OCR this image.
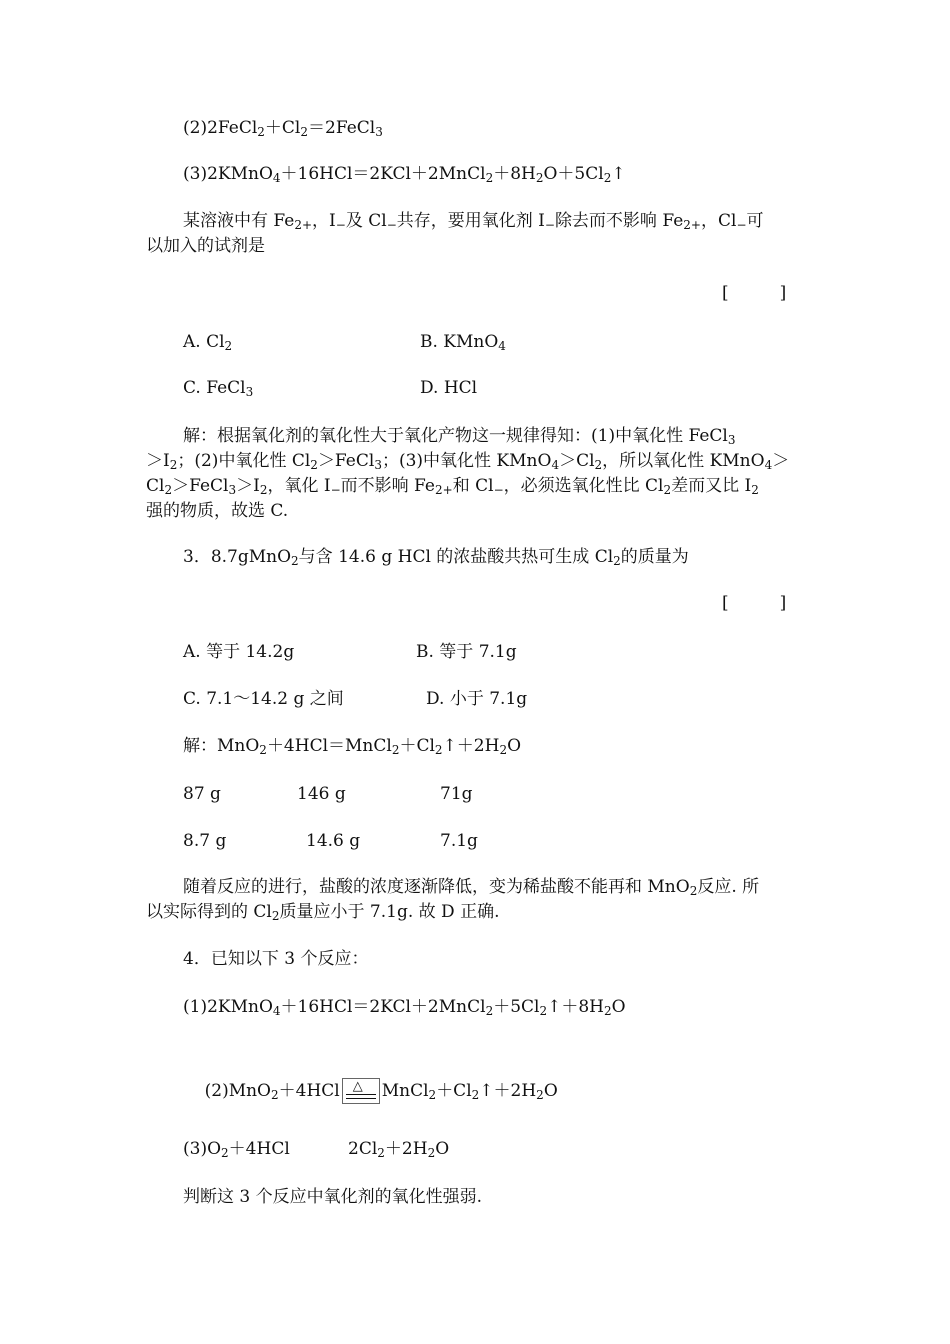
$(2)2FeCl_2+Cl_2=2FeCl_3$
$(3)2KMnO_4+16HCl=2KCl+2MnCl_2+8H_2O+5Cl_2↑$
某溶液中有 $Fe_{2+}$，$I_-$及 $Cl_-$共存，要用氧化剂 $I_-$除去而不影响 $Fe_{2+}$，$Cl_-$可
以加入的试剂是
[　　　]
A. $Cl_2$	B. KMnO$_4$
C. FeCl$_3$	D. HCl
解：根据氧化剂的氧化性大于氧化产物这一规律得知：(1)中氧化性 FeCl$_3$
$>I_2$；(2)中氧化性 $Cl_2>FeCl_3$；(3)中氧化性 $KMnO_4>Cl_2$，所以氧化性 KMnO$_4$＞
$Cl_2>FeCl_3>I_2$，氧化 $I_-$而不影响 $Fe_{2+}$和 $Cl_-$，必须选氧化性比 $Cl_2$差而又比 $I_2$
强的物质，故选 C.
3．8.7gMnO$_2$与含 14.6 g HCl 的浓盐酸共热可生成 $Cl_2$的质量为
[　　　]
A. 等于 14.2g	B. 等于 7.1g
C. 7.1～14.2 g 之间	D. 小于 7.1g
解：$MnO_2+4HCl=MnCl_2+Cl_2↑+2H_2O$
87 g	146 g	71g
8.7 g	14.6 g	7.1g
随着反应的进行，盐酸的浓度逐渐降低，变为稀盐酸不能再和 MnO$_2$反应. 所
以实际得到的 $Cl_2$质量应小于 7.1g. 故 D 正确.
4．已知以下 3 个反应：
$(1)2KMnO_4+16HCl=2KCl+2MnCl_2+5Cl_2↑+8H_2O$

(2)MnO$_2$＋4HCl △ $MnCl_2+Cl_2↑+2H_2O$

$(3)O_2+4HCl$	$2Cl_2+2H_2O$
判断这 3 个反应中氧化剂的氧化性强弱.
